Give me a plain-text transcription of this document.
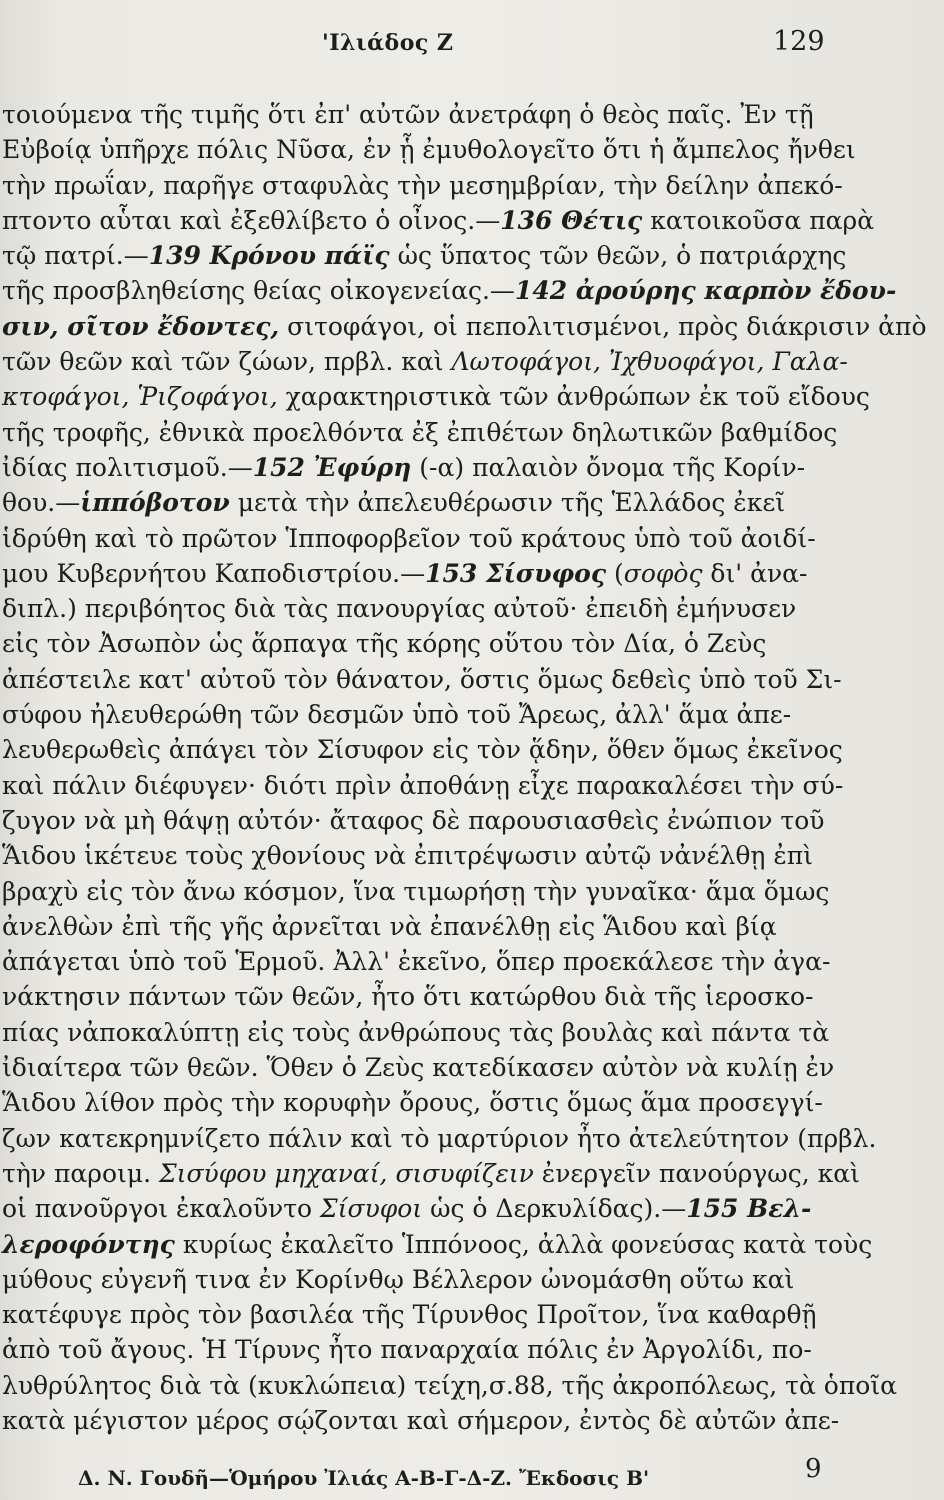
'Ιλιάδος Ζ	129
τοιούμενα τῆς τιμῆς ὅτι ἐπ' αὐτῶν ἀνετράφη ὁ θεὸς παῖς. Ἐν τῇ
Εὐβοίᾳ ὑπῆρχε πόλις Νῦσα, ἐν ᾗ ἐμυθολογεῖτο ὅτι ἡ ἄμπελος ἤνθει
τὴν πρωΐαν, παρῆγε σταφυλὰς τὴν μεσημβρίαν, τὴν δείλην ἀπεκό-
πτοντο αὗται καὶ ἐξεθλίβετο ὁ οἶνος.—136 Θέτις κατοικοῦσα παρὰ
τῷ πατρί.—139 Κρόνου πάϊς ὡς ὕπατος τῶν θεῶν, ὁ πατριάρχης
τῆς προσβληθείσης θείας οἰκογενείας.—142 ἀρούρης καρπὸν ἔδου-
σιν, σῖτον ἔδοντες, σιτοφάγοι, οἱ πεπολιτισμένοι, πρὸς διάκρισιν ἀπὸ
τῶν θεῶν καὶ τῶν ζώων, πρβλ. καὶ Λωτοφάγοι, Ἰχθυοφάγοι, Γαλα-
κτοφάγοι, Ῥιζοφάγοι, χαρακτηριστικὰ τῶν ἀνθρώπων ἐκ τοῦ εἴδους
τῆς τροφῆς, ἐθνικὰ προελθόντα ἐξ ἐπιθέτων δηλωτικῶν βαθμίδος
ἰδίας πολιτισμοῦ.—152 Ἐφύρη (-α) παλαιὸν ὄνομα τῆς Κορίν-
θου.—ἱππόβοτον μετὰ τὴν ἀπελευθέρωσιν τῆς Ἑλλάδος ἐκεῖ
ἱδρύθη καὶ τὸ πρῶτον Ἱπποφορβεῖον τοῦ κράτους ὑπὸ τοῦ ἀοιδί-
μου Κυβερνήτου Καποδιστρίου.—153 Σίσυφος (σοφὸς δι' ἀνα-
διπλ.) περιβόητος διὰ τὰς πανουργίας αὐτοῦ· ἐπειδὴ ἐμήνυσεν
εἰς τὸν Ἀσωπὸν ὡς ἅρπαγα τῆς κόρης οὕτου τὸν Δία, ὁ Ζεὺς
ἀπέστειλε κατ' αὐτοῦ τὸν θάνατον, ὅστις ὅμως δεθεὶς ὑπὸ τοῦ Σι-
σύφου ἠλευθερώθη τῶν δεσμῶν ὑπὸ τοῦ Ἄρεως, ἀλλ' ἅμα ἀπε-
λευθερωθεὶς ἀπάγει τὸν Σίσυφον εἰς τὸν ᾅδην, ὅθεν ὅμως ἐκεῖνος
καὶ πάλιν διέφυγεν· διότι πρὶν ἀποθάνῃ εἶχε παρακαλέσει τὴν σύ-
ζυγον νὰ μὴ θάψῃ αὐτόν· ἄταφος δὲ παρουσιασθεὶς ἐνώπιον τοῦ
Ἅιδου ἱκέτευε τοὺς χθονίους νὰ ἐπιτρέψωσιν αὐτῷ νἀνέλθῃ ἐπὶ
βραχὺ εἰς τὸν ἄνω κόσμον, ἵνα τιμωρήσῃ τὴν γυναῖκα· ἅμα ὅμως
ἀνελθὼν ἐπὶ τῆς γῆς ἀρνεῖται νὰ ἐπανέλθῃ εἰς Ἅιδου καὶ βίᾳ
ἀπάγεται ὑπὸ τοῦ Ἑρμοῦ. Ἀλλ' ἐκεῖνο, ὅπερ προεκάλεσε τὴν ἀγα-
νάκτησιν πάντων τῶν θεῶν, ἦτο ὅτι κατώρθου διὰ τῆς ἱεροσκο-
πίας νἀποκαλύπτῃ εἰς τοὺς ἀνθρώπους τὰς βουλὰς καὶ πάντα τὰ
ἰδιαίτερα τῶν θεῶν. Ὅθεν ὁ Ζεὺς κατεδίκασεν αὐτὸν νὰ κυλίῃ ἐν
Ἅιδου λίθον πρὸς τὴν κορυφὴν ὄρους, ὅστις ὅμως ἅμα προσεγγί-
ζων κατεκρημνίζετο πάλιν καὶ τὸ μαρτύριον ἦτο ἀτελεύτητον (πρβλ.
τὴν παροιμ. Σισύφου μηχαναί, σισυφίζειν ἐνεργεῖν πανούργως, καὶ
οἱ πανοῦργοι ἐκαλοῦντο Σίσυφοι ὡς ὁ Δερκυλίδας).—155 Βελ-
λεροφόντης κυρίως ἐκαλεῖτο Ἱππόνοος, ἀλλὰ φονεύσας κατὰ τοὺς
μύθους εὐγενῆ τινα ἐν Κορίνθῳ Βέλλερον ὠνομάσθη οὕτω καὶ
κατέφυγε πρὸς τὸν βασιλέα τῆς Τίρυνθος Προῖτον, ἵνα καθαρθῇ
ἀπὸ τοῦ ἄγους. Ἡ Τίρυνς ἦτο παναρχαία πόλις ἐν Ἀργολίδι, πο-
λυθρύλητος διὰ τὰ (κυκλώπεια) τείχη,σ.88, τῆς ἀκροπόλεως, τὰ ὁποῖα
κατὰ μέγιστον μέρος σῴζονται καὶ σήμερον, ἐντὸς δὲ αὐτῶν ἀπε-
Δ. Ν. Γουδῆ—Ὁμήρου Ἰλιάς Α-Β-Γ-Δ-Ζ. Ἔκδοσις Β'	9
